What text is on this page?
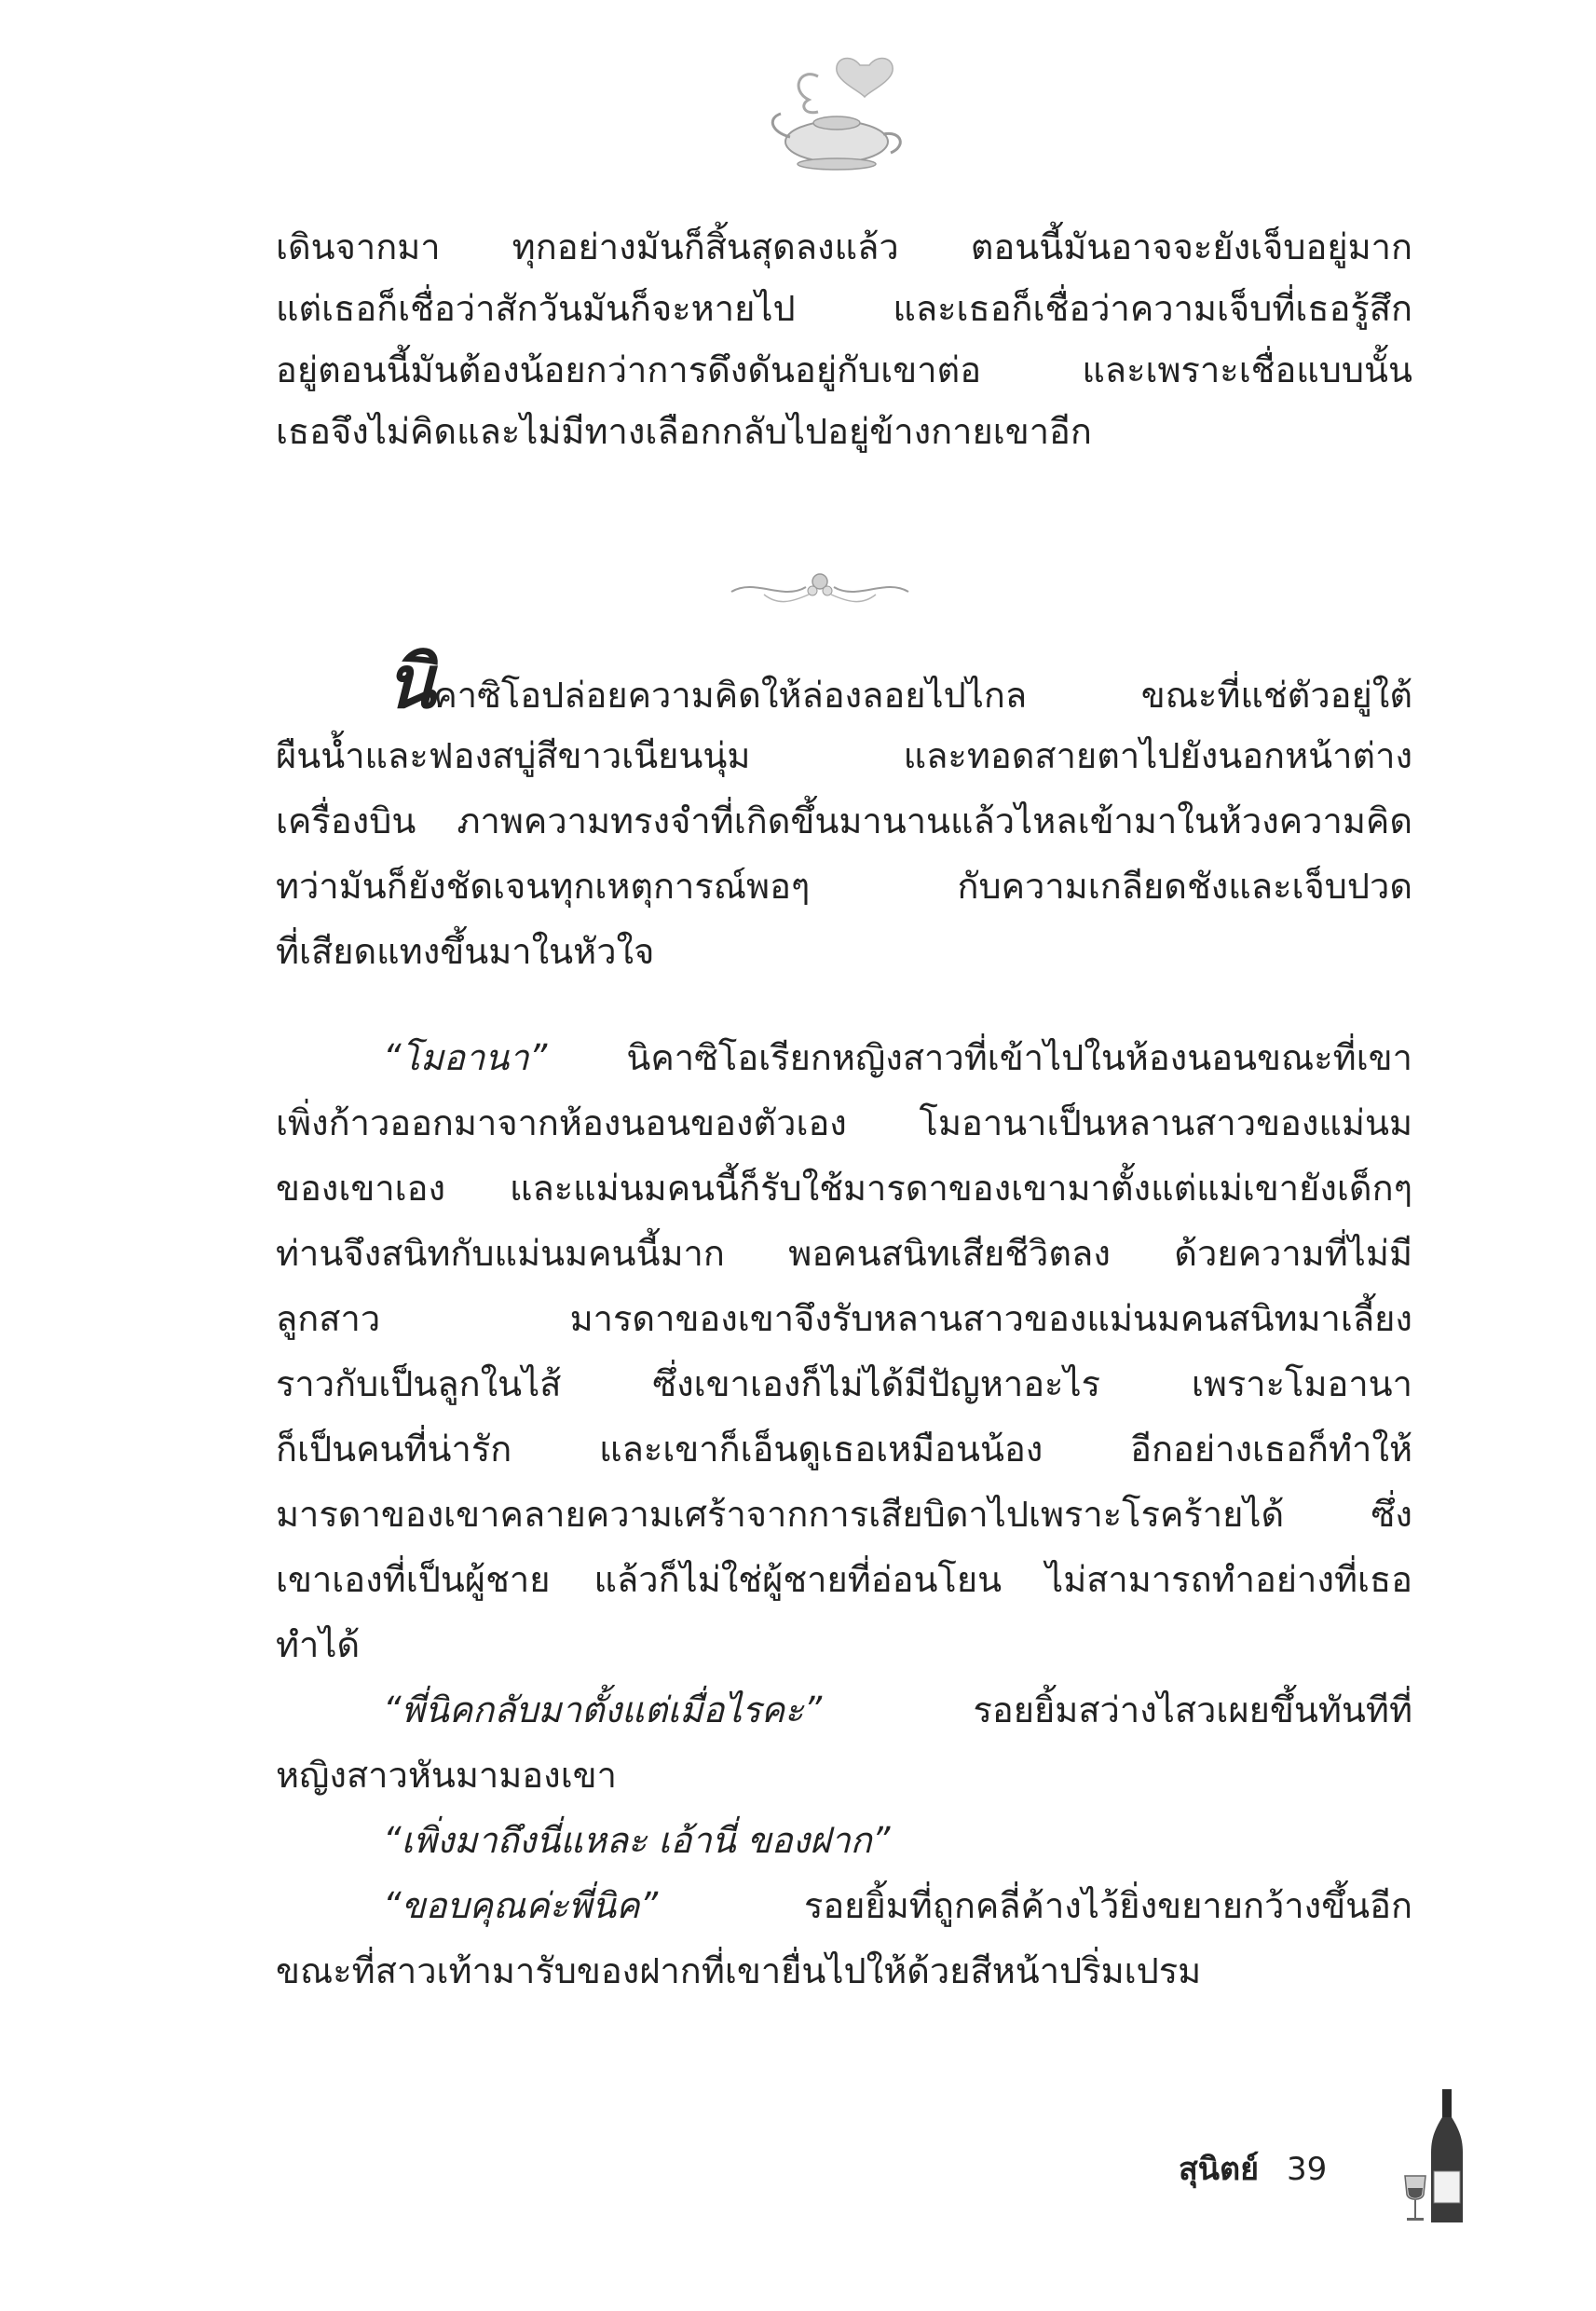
เดินจากมา ทุกอย่างมันก็สิ้นสุดลงแล้ว ตอนนี้มันอาจจะยังเจ็บอยู่มาก
แต่เธอก็เชื่อว่าสักวันมันก็จะหายไป และเธอก็เชื่อว่าความเจ็บที่เธอรู้สึก
อยู่ตอนนี้มันต้องน้อยกว่าการดึงดันอยู่กับเขาต่อ และเพราะเชื่อแบบนั้น
เธอจึงไม่คิดและไม่มีทางเลือกกลับไปอยู่ข้างกายเขาอีก
นิคาซิโอปล่อยความคิดให้ล่องลอยไปไกล ขณะที่แช่ตัวอยู่ใต้
ผืนน้ำและฟองสบู่สีขาวเนียนนุ่ม และทอดสายตาไปยังนอกหน้าต่าง
เครื่องบิน ภาพความทรงจำที่เกิดขึ้นมานานแล้วไหลเข้ามาในห้วงความคิด
ทว่ามันก็ยังชัดเจนทุกเหตุการณ์พอๆ กับความเกลียดชังและเจ็บปวด
ที่เสียดแทงขึ้นมาในหัวใจ
“โมอานา” นิคาซิโอเรียกหญิงสาวที่เข้าไปในห้องนอนขณะที่เขา
เพิ่งก้าวออกมาจากห้องนอนของตัวเอง โมอานาเป็นหลานสาวของแม่นม
ของเขาเอง และแม่นมคนนี้ก็รับใช้มารดาของเขามาตั้งแต่แม่เขายังเด็กๆ
ท่านจึงสนิทกับแม่นมคนนี้มาก พอคนสนิทเสียชีวิตลง ด้วยความที่ไม่มี
ลูกสาว มารดาของเขาจึงรับหลานสาวของแม่นมคนสนิทมาเลี้ยง
ราวกับเป็นลูกในไส้ ซึ่งเขาเองก็ไม่ได้มีปัญหาอะไร เพราะโมอานา
ก็เป็นคนที่น่ารัก และเขาก็เอ็นดูเธอเหมือนน้อง อีกอย่างเธอก็ทำให้
มารดาของเขาคลายความเศร้าจากการเสียบิดาไปเพราะโรคร้ายได้ ซึ่ง
เขาเองที่เป็นผู้ชาย แล้วก็ไม่ใช่ผู้ชายที่อ่อนโยน ไม่สามารถทำอย่างที่เธอ
ทำได้
“พี่นิคกลับมาตั้งแต่เมื่อไรคะ” รอยยิ้มสว่างไสวเผยขึ้นทันทีที่
หญิงสาวหันมามองเขา
“เพิ่งมาถึงนี่แหละ เอ้านี่ ของฝาก”
“ขอบคุณค่ะพี่นิค” รอยยิ้มที่ถูกคลี่ค้างไว้ยิ่งขยายกว้างขึ้นอีก
ขณะที่สาวเท้ามารับของฝากที่เขายื่นไปให้ด้วยสีหน้าปริ่มเปรม
สุนิตย์ 39
